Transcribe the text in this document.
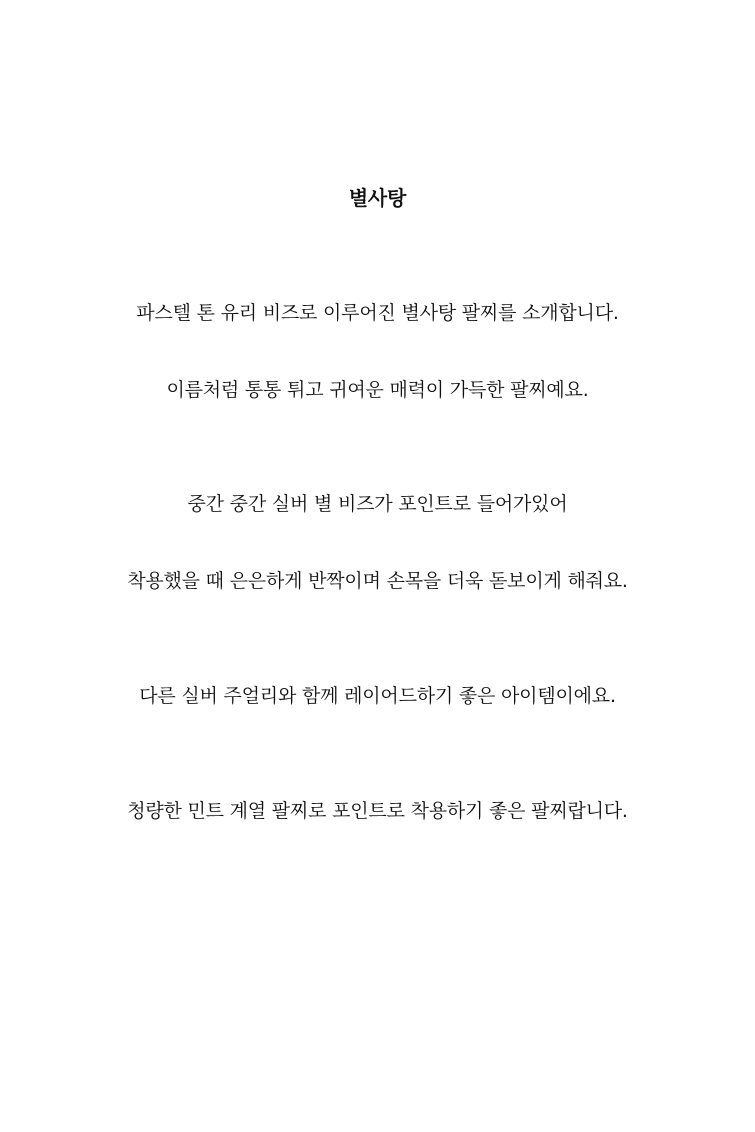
별사탕
파스텔 톤 유리 비즈로 이루어진 별사탕 팔찌를 소개합니다.
이름처럼 통통 튀고 귀여운 매력이 가득한 팔찌예요.
중간 중간 실버 별 비즈가 포인트로 들어가있어
착용했을 때 은은하게 반짝이며 손목을 더욱 돋보이게 해줘요.
다른 실버 주얼리와 함께 레이어드하기 좋은 아이템이에요.
청량한 민트 계열 팔찌로 포인트로 착용하기 좋은 팔찌랍니다.
